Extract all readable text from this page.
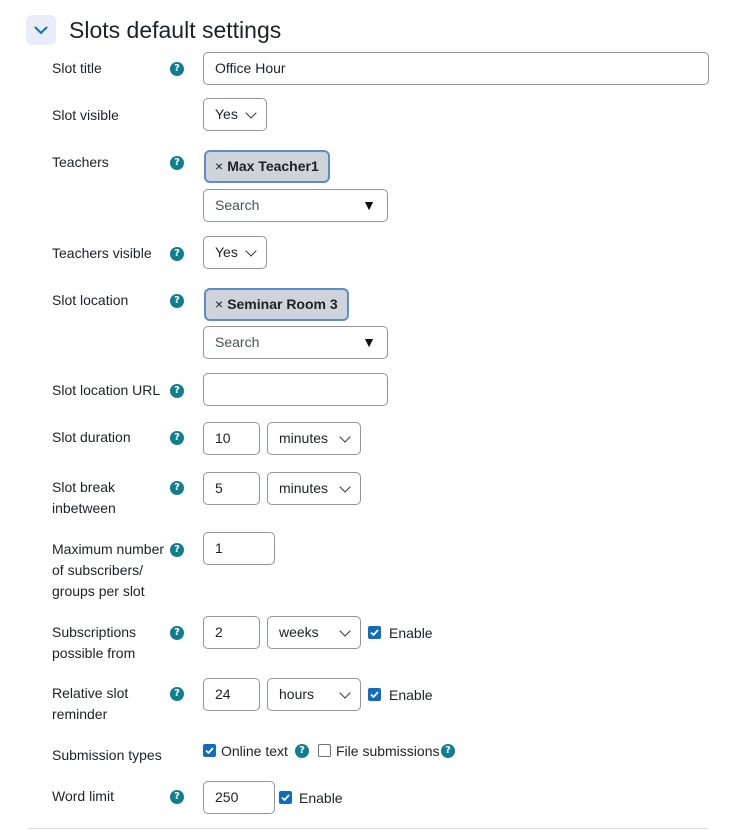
Slots default settings
Slot title	?	Office Hour
Slot visible	Yes
Teachers	?	× Max Teacher1
Search	▼
Teachers visible	?	Yes
Slot location	?	× Seminar Room 3
Search	▼
Slot location URL	?
Slot duration	?	10	minutes
Slot break
inbetween
?	5	minutes
Maximum number
of subscribers/
groups per slot
?	1
Subscriptions
possible from
?	2	weeks	Enable
Relative slot
reminder
?	24	hours	Enable
Submission types	Online text	? File submissions ?
Word limit	?	250	Enable
